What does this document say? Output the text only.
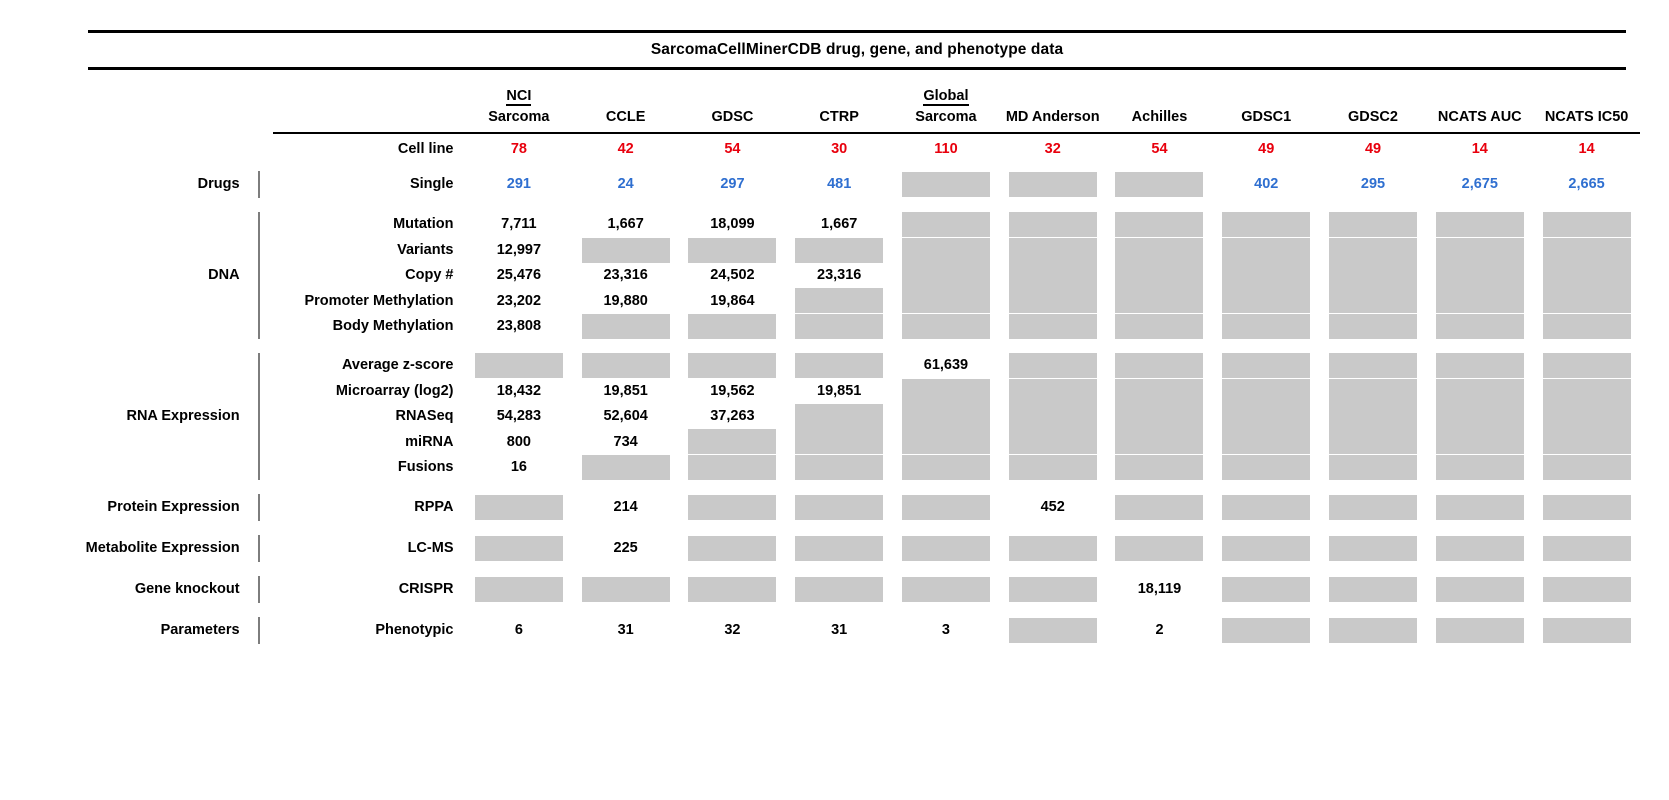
SarcomaCellMinerCDB drug, gene, and phenotype data
			NCI				Global						
			Sarcoma	CCLE	GDSC	CTRP	Sarcoma	MD Anderson	Achilles	GDSC1	GDSC2	NCATS AUC	NCATS IC50

		Cell line	78	42	54	30	110	32	54	49	49	14	14

Drugs		Single	291	24	297	481				402	295	2,675	2,665

DNA		Mutation	7,711	1,667	18,099	1,667	

		Variants	12,997	

		Copy #	25,476	23,316	24,502	23,316	

		Promoter Methylation	23,202	19,880	19,864	

		Body Methylation	23,808	

RNA Expression		Average z-score					61,639	

		Microarray (log2)	18,432	19,851	19,562	19,851	

		RNASeq	54,283	52,604	37,263	

		miRNA	800	734	

		Fusions	16	

Protein Expression		RPPA		214				452	

Metabolite Expression		LC-MS		225	

Gene knockout		CRISPR							18,119	

Parameters		Phenotypic	6	31	32	31	3		2	
